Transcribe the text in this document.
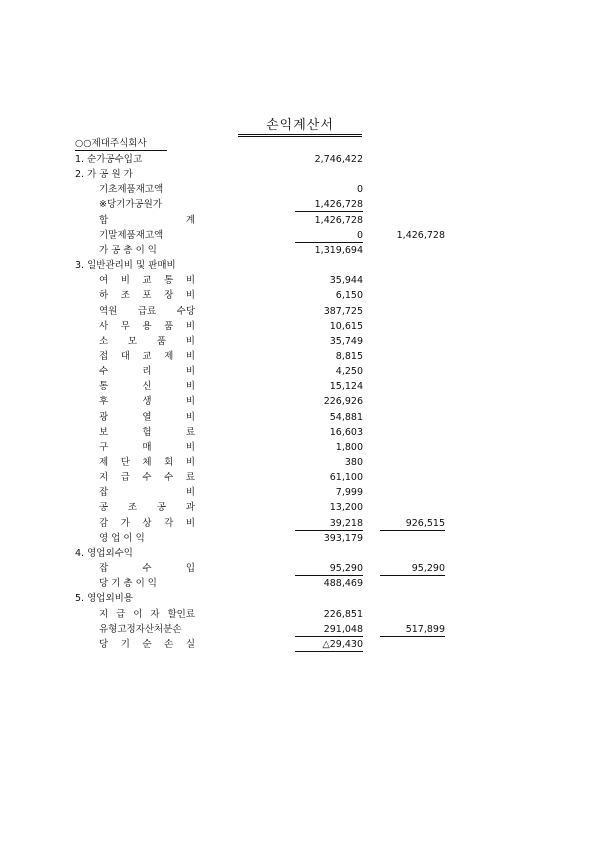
손익계산서
○○제대주식회사
1. 순가공수입고	2,746,422
2. 가 공 원 가
기초제품재고액	0
※당기가공원가	1,426,728
합 계	1,426,728
기말제품재고액	0	1,426,728
가 공 총 이 익	1,319,694
3. 일반관리비 및 판매비
여 비 교 통 비	35,944
하 조 포 장 비	6,150
역원 급료 수당	387,725
사 무 용 품 비	10,615
소 모 품 비	35,749
접 대 교 제 비	8,815
수 리 비	4,250
통 신 비	15,124
후 생 비	226,926
광 열 비	54,881
보 험 료	16,603
구 매 비	1,800
제 단 체 회 비	380
지 급 수 수 료	61,100
잡 비	7,999
공 조 공 과	13,200
감 가 상 각 비	39,218	926,515
영 업 이 익	393,179
4. 영업외수익
잡 수 입	95,290	95,290
당 기 총 이 익	488,469
5. 영업외비용
지 급 이 자 할인료	226,851
유형고정자산처분손	291,048	517,899
당 기 순 손 실	△29,430
